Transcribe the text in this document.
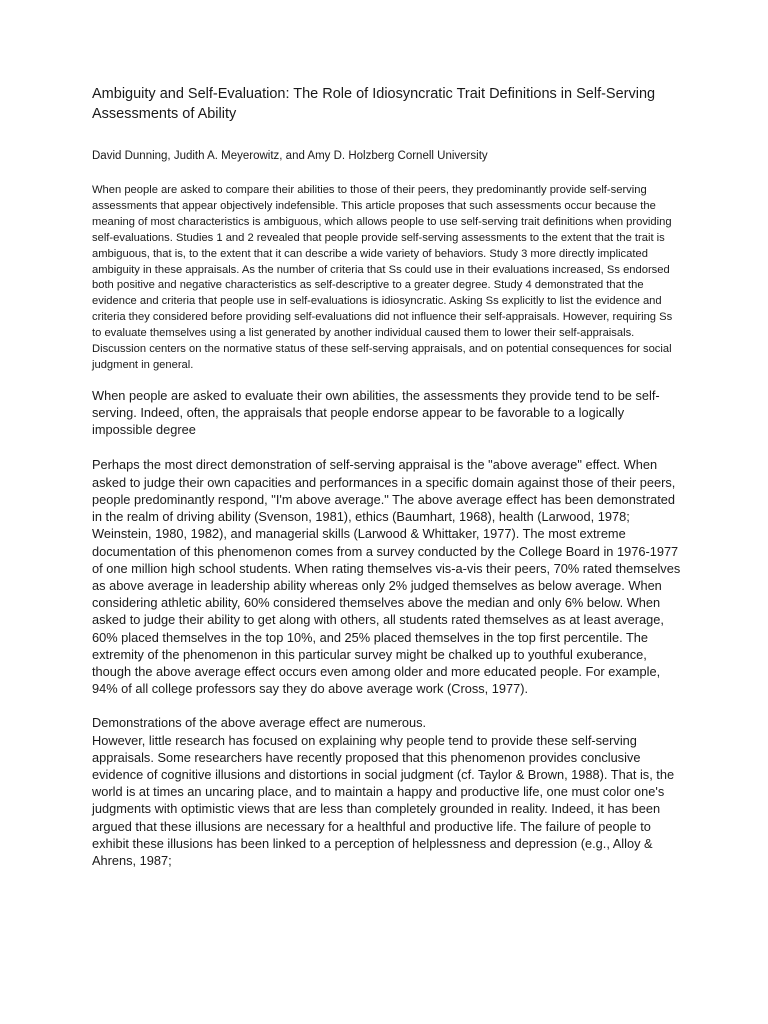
Ambiguity and Self-Evaluation: The Role of Idiosyncratic Trait Definitions in Self-Serving Assessments of Ability
David Dunning, Judith A. Meyerowitz, and Amy D. Holzberg Cornell University
When people are asked to compare their abilities to those of their peers, they predominantly provide self-serving assessments that appear objectively indefensible. This article proposes that such assessments occur because the meaning of most characteristics is ambiguous, which allows people to use self-serving trait definitions when providing self-evaluations. Studies 1 and 2 revealed that people provide self-serving assessments to the extent that the trait is ambiguous, that is, to the extent that it can describe a wide variety of behaviors. Study 3 more directly implicated ambiguity in these appraisals. As the number of criteria that Ss could use in their evaluations increased, Ss endorsed both positive and negative characteristics as self-descriptive to a greater degree. Study 4 demonstrated that the evidence and criteria that people use in self-evaluations is idiosyncratic. Asking Ss explicitly to list the evidence and criteria they considered before providing self-evaluations did not influence their self-appraisals. However, requiring Ss to evaluate themselves using a list generated by another individual caused them to lower their self-appraisals. Discussion centers on the normative status of these self-serving appraisals, and on potential consequences for social judgment in general.

When people are asked to evaluate their own abilities, the assessments they provide tend to be self-serving. Indeed, often, the appraisals that people endorse appear to be favorable to a logically impossible degree

Perhaps the most direct demonstration of self-serving appraisal is the "above average" effect. When asked to judge their own capacities and performances in a specific domain against those of their peers, people predominantly respond, "I'm above average." The above average effect has been demonstrated in the realm of driving ability (Svenson, 1981), ethics (Baumhart, 1968), health (Larwood, 1978; Weinstein, 1980, 1982), and managerial skills (Larwood & Whittaker, 1977). The most extreme documentation of this phenomenon comes from a survey conducted by the College Board in 1976-1977 of one million high school students. When rating themselves vis-a-vis their peers, 70% rated themselves as above average in leadership ability whereas only 2% judged themselves as below average. When considering athletic ability, 60% considered themselves above the median and only 6% below. When asked to judge their ability to get along with others, all students rated themselves as at least average, 60% placed themselves in the top 10%, and 25% placed themselves in the top first percentile. The extremity of the phenomenon in this particular survey might be chalked up to youthful exuberance, though the above average effect occurs even among older and more educated people. For example, 94% of all college professors say they do above average work (Cross, 1977).

Demonstrations of the above average effect are numerous.

However, little research has focused on explaining why people tend to provide these self-serving appraisals. Some researchers have recently proposed that this phenomenon provides conclusive evidence of cognitive illusions and distortions in social judgment (cf. Taylor & Brown, 1988). That is, the world is at times an uncaring place, and to maintain a happy and productive life, one must color one's judgments with optimistic views that are less than completely grounded in reality. Indeed, it has been argued that these illusions are necessary for a healthful and productive life. The failure of people to exhibit these illusions has been linked to a perception of helplessness and depression (e.g., Alloy & Ahrens, 1987;
